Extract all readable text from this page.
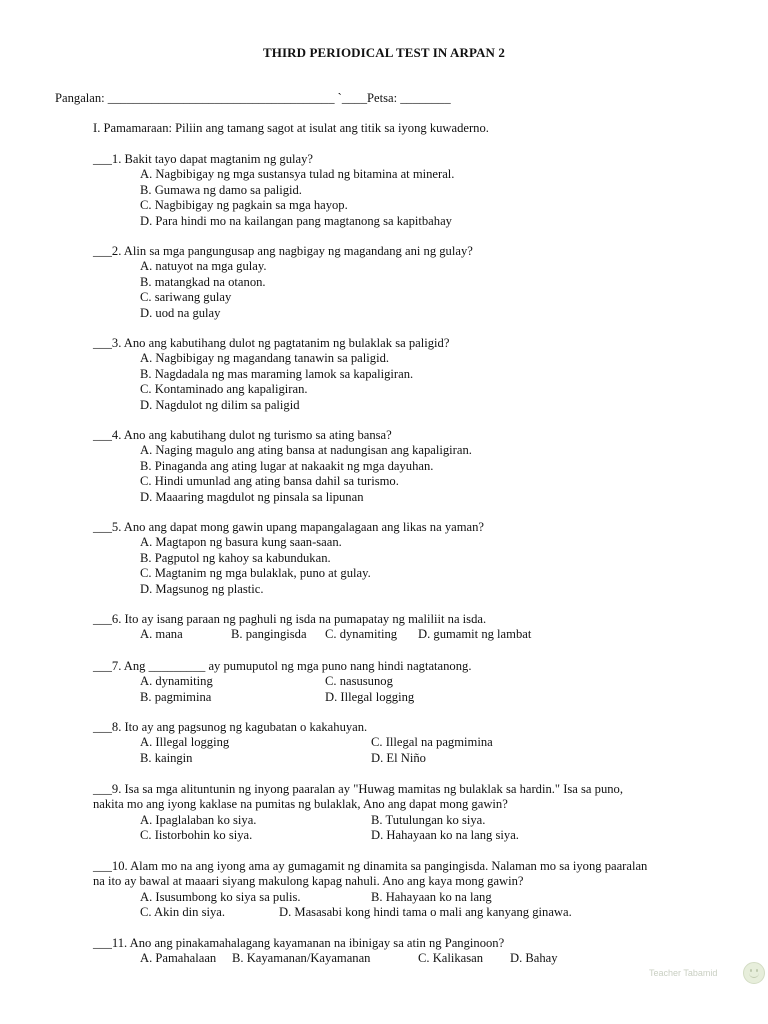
THIRD PERIODICAL TEST IN ARPAN 2
Pangalan: ____________________________________ `____Petsa: ________
I. Pamamaraan: Piliin ang tamang sagot at isulat ang titik sa iyong kuwaderno.
___1. Bakit tayo dapat magtanim ng gulay?
A. Nagbibigay ng mga sustansya tulad ng bitamina at mineral.
B. Gumawa ng damo sa paligid.
C. Nagbibigay ng pagkain sa mga hayop.
D. Para hindi mo na kailangan pang magtanong sa kapitbahay
___2. Alin sa mga pangungusap ang nagbigay ng magandang ani ng gulay?
A. natuyot na mga gulay.
B. matangkad na otanon.
C. sariwang gulay
D. uod na gulay
___3. Ano ang kabutihang dulot ng pagtatanim ng bulaklak sa paligid?
A. Nagbibigay ng magandang tanawin sa paligid.
B. Nagdadala ng mas maraming lamok sa kapaligiran.
C. Kontaminado ang kapaligiran.
D. Nagdulot ng dilim sa paligid
___4. Ano ang kabutihang dulot ng turismo sa ating bansa?
A. Naging magulo ang ating bansa at nadungisan ang kapaligiran.
B. Pinaganda ang ating lugar at nakaakit ng mga dayuhan.
C. Hindi umunlad ang ating bansa dahil sa turismo.
D. Maaaring magdulot ng pinsala sa lipunan
___5. Ano ang dapat mong gawin upang mapangalagaan ang likas na yaman?
A. Magtapon ng basura kung saan-saan.
B. Pagputol ng kahoy sa kabundukan.
C. Magtanim ng mga bulaklak, puno at gulay.
D. Magsunog ng plastic.
___6. Ito ay isang paraan ng paghuli ng isda na pumapatay ng maliliit na isda.
A. mana	B. pangingisda C. dynamiting D. gumamit ng lambat
___7. Ang _________ ay pumuputol ng mga puno nang hindi nagtatanong.
A. dynamiting	C. nasusunog
B. pagmimina	D. Illegal logging
___8. Ito ay ang pagsunog ng kagubatan o kakahuyan.
A. Illegal logging	C. Illegal na pagmimina
B. kaingin	D. El Niño
___9. Isa sa mga alituntunin ng inyong paaralan ay "Huwag mamitas ng bulaklak sa hardin." Isa sa puno,
nakita mo ang iyong kaklase na pumitas ng bulaklak, Ano ang dapat mong gawin?
A. Ipaglalaban ko siya.	B. Tutulungan ko siya.
C. Iistorbohin ko siya.	D. Hahayaan ko na lang siya.
___10. Alam mo na ang iyong ama ay gumagamit ng dinamita sa pangingisda. Nalaman mo sa iyong paaralan
na ito ay bawal at maaari siyang makulong kapag nahuli. Ano ang kaya mong gawin?
A. Isusumbong ko siya sa pulis.	B. Hahayaan ko na lang
C. Akin din siya.	D. Masasabi kong hindi tama o mali ang kanyang ginawa.
___11. Ano ang pinakamahalagang kayamanan na ibinigay sa atin ng Panginoon?
A. Pamahalaan B. Kayamanan/Kayamanan	C. Kalikasan D. Bahay
Teacher Tabamid
